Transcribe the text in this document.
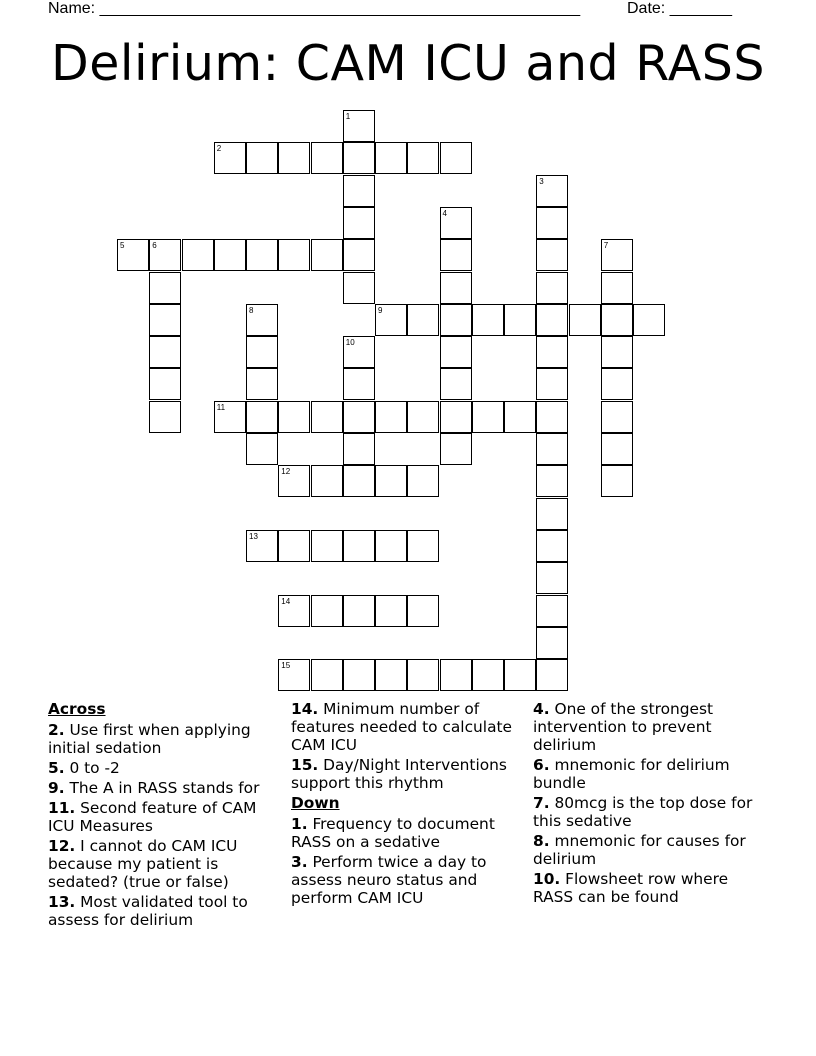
Name: ______________________________________________________	Date: _______
Delirium: CAM ICU and RASS
2
5	6
9
11
12
13
14
15
1
3
4
7
8
10
Across
2. Use first when applying initial sedation
5. 0 to -2
9. The A in RASS stands for
11. Second feature of CAM ICU Measures
12. I cannot do CAM ICU because my patient is sedated? (true or false)
13. Most validated tool to assess for delirium
14. Minimum number of features needed to calculate CAM ICU
15. Day/Night Interventions support this rhythm
Down
1. Frequency to document RASS on a sedative
3. Perform twice a day to assess neuro status and perform CAM ICU
4. One of the strongest intervention to prevent delirium
6. mnemonic for delirium bundle
7. 80mcg is the top dose for this sedative
8. mnemonic for causes for delirium
10. Flowsheet row where RASS can be found
